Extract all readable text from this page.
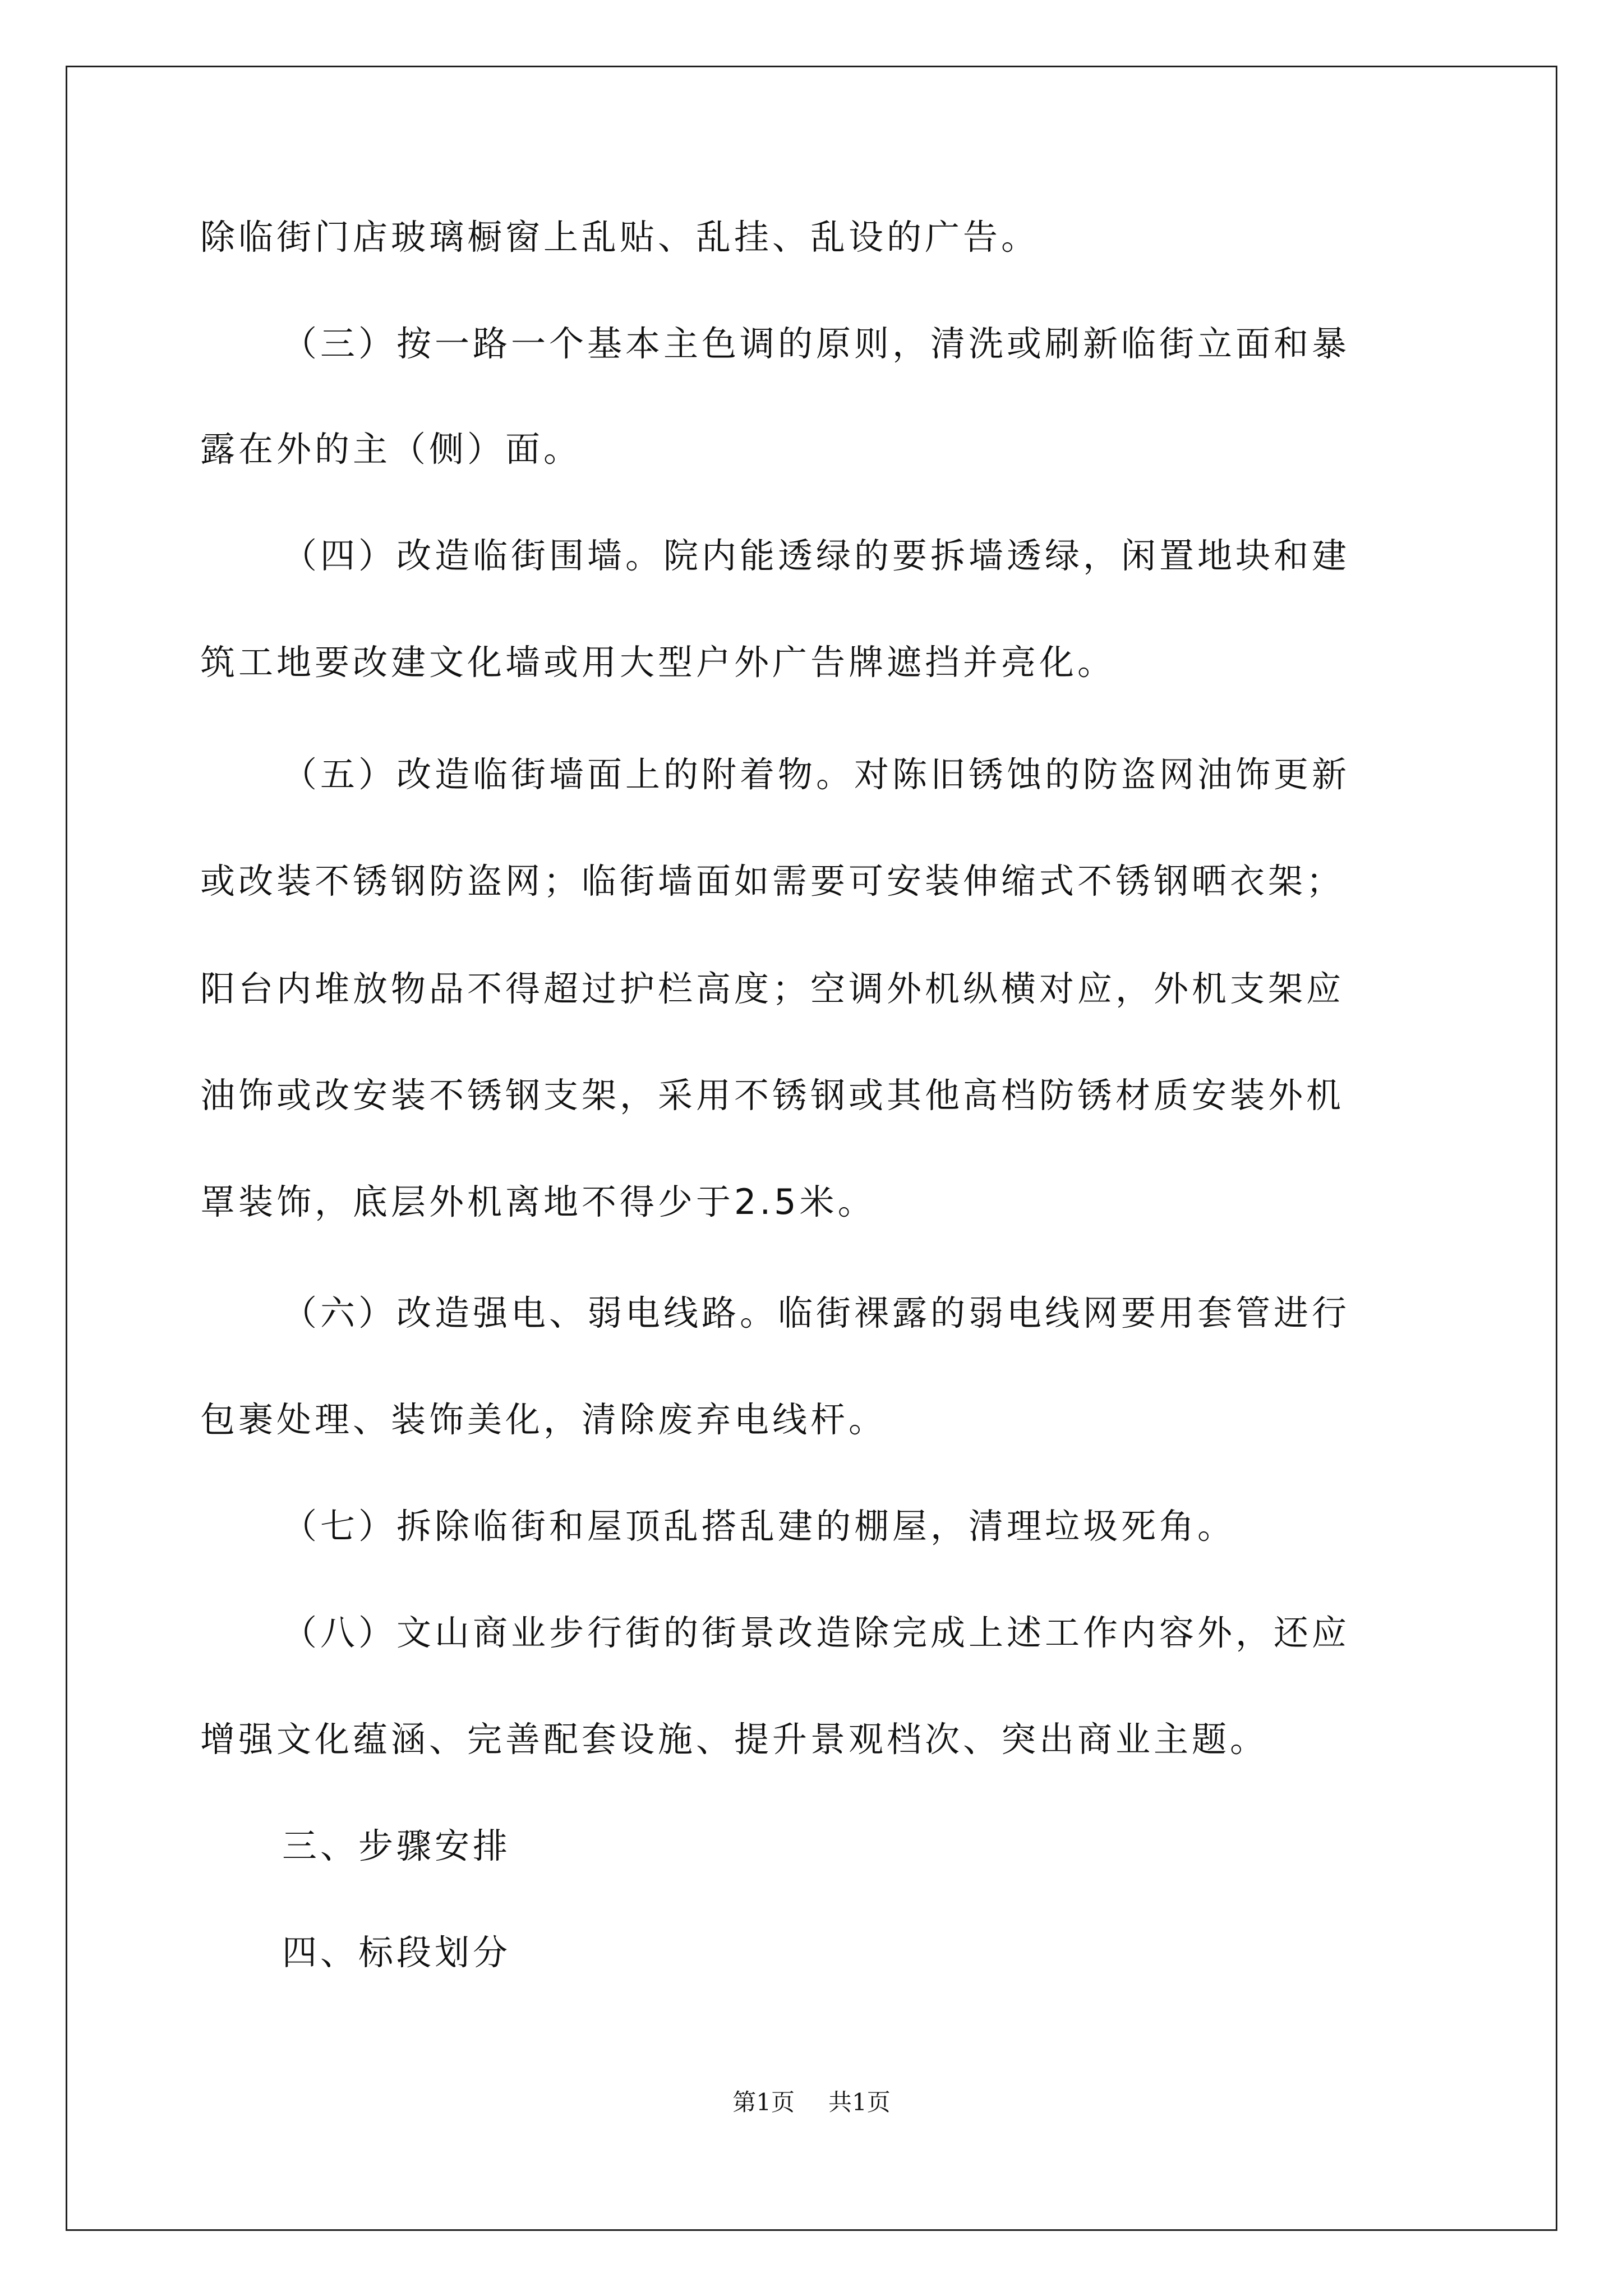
除临街门店玻璃橱窗上乱贴、乱挂、乱设的广告。
（三）按一路一个基本主色调的原则，清洗或刷新临街立面和暴
露在外的主（侧）面。
（四）改造临街围墙。院内能透绿的要拆墙透绿，闲置地块和建
筑工地要改建文化墙或用大型户外广告牌遮挡并亮化。
（五）改造临街墙面上的附着物。对陈旧锈蚀的防盗网油饰更新
或改装不锈钢防盗网；临街墙面如需要可安装伸缩式不锈钢晒衣架；
阳台内堆放物品不得超过护栏高度；空调外机纵横对应，外机支架应
油饰或改安装不锈钢支架，采用不锈钢或其他高档防锈材质安装外机
罩装饰，底层外机离地不得少于2.5米。
（六）改造强电、弱电线路。临街裸露的弱电线网要用套管进行
包裹处理、装饰美化，清除废弃电线杆。
（七）拆除临街和屋顶乱搭乱建的棚屋，清理垃圾死角。
（八）文山商业步行街的街景改造除完成上述工作内容外，还应
增强文化蕴涵、完善配套设施、提升景观档次、突出商业主题。
三、步骤安排
四、标段划分
第1页 共1页
